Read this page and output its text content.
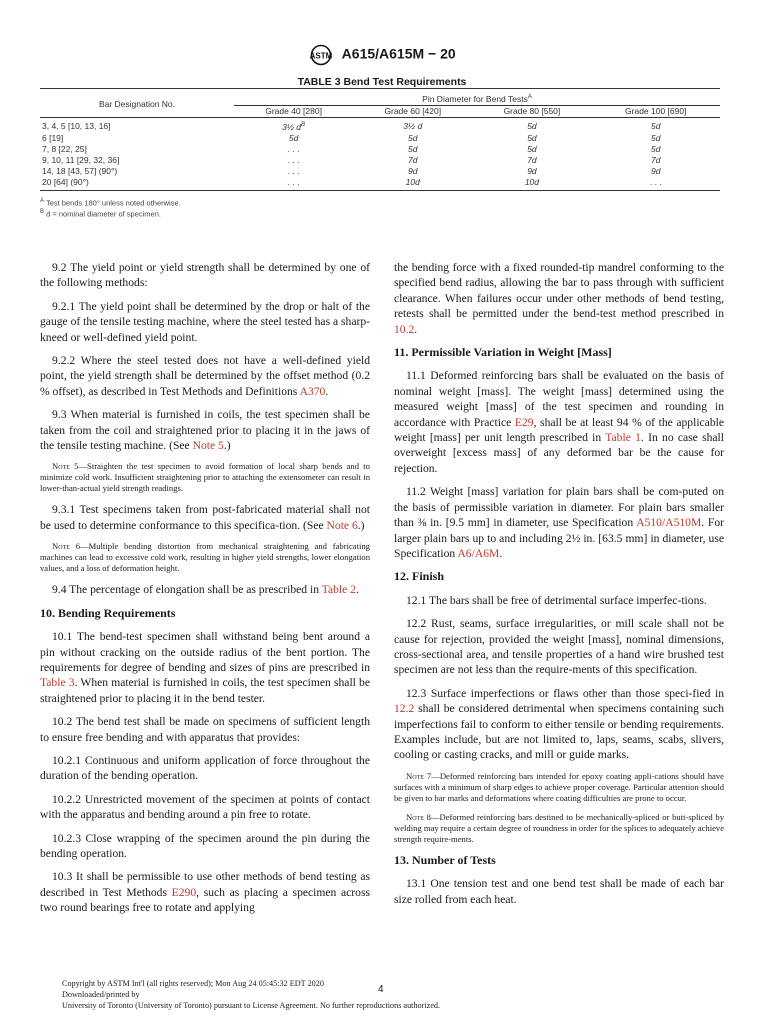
ASTM A615/A615M − 20
TABLE 3 Bend Test Requirements
Bar Designation No.	Pin Diameter for Bend Tests$^A$
	Grade 40 [280]	Grade 60 [420]	Grade 80 [550]	Grade 100 [690]
3, 4, 5 [10, 13, 16]	3½ $d^B$	3½ d	5d	5d
6 [19]	5d	5d	5d	5d
7, 8 [22, 25]	. . .	5d	5d	5d
9, 10, 11 [29, 32, 36]	. . .	7d	7d	7d
14, 18 [43, 57] (90°)	. . .	9d	9d	9d
20 [64] (90°)	. . .	10d	10d	. . .
$^A$ Test bends 180° unless noted otherwise.
$^B$ d = nominal diameter of specimen.

9.2 The yield point or yield strength shall be determined by one of the following methods:

9.2.1 The yield point shall be determined by the drop or halt of the gauge of the tensile testing machine, where the steel tested has a sharp-kneed or well-defined yield point.

9.2.2 Where the steel tested does not have a well-defined yield point, the yield strength shall be determined by the offset method (0.2 % offset), as described in Test Methods and Definitions A370.

9.3 When material is furnished in coils, the test specimen shall be taken from the coil and straightened prior to placing it in the jaws of the tensile testing machine. (See Note 5.)

Note 5—Straighten the test specimen to avoid formation of local sharp bends and to minimize cold work. Insufficient straightening prior to attaching the extensometer can result in lower-than-actual yield strength readings.

9.3.1 Test specimens taken from post-fabricated material shall not be used to determine conformance to this specifica-tion. (See Note 6.)

Note 6—Multiple bending distortion from mechanical straightening and fabricating machines can lead to excessive cold work, resulting in higher yield strengths, lower elongation values, and a loss of deformation height.

9.4 The percentage of elongation shall be as prescribed in Table 2.

10. Bending Requirements

10.1 The bend-test specimen shall withstand being bent around a pin without cracking on the outside radius of the bent portion. The requirements for degree of bending and sizes of pins are prescribed in Table 3. When material is furnished in coils, the test specimen shall be straightened prior to placing it in the bend tester.

10.2 The bend test shall be made on specimens of sufficient length to ensure free bending and with apparatus that provides:

10.2.1 Continuous and uniform application of force throughout the duration of the bending operation.

10.2.2 Unrestricted movement of the specimen at points of contact with the apparatus and bending around a pin free to rotate.

10.2.3 Close wrapping of the specimen around the pin during the bending operation.

10.3 It shall be permissible to use other methods of bend testing as described in Test Methods E290, such as placing a specimen across two round bearings free to rotate and applying

the bending force with a fixed rounded-tip mandrel conforming to the specified bend radius, allowing the bar to pass through with sufficient clearance. When failures occur under other methods of bend testing, retests shall be permitted under the bend-test method prescribed in 10.2.

11. Permissible Variation in Weight [Mass]

11.1 Deformed reinforcing bars shall be evaluated on the basis of nominal weight [mass]. The weight [mass] determined using the measured weight [mass] of the test specimen and rounding in accordance with Practice E29, shall be at least 94 % of the applicable weight [mass] per unit length prescribed in Table 1. In no case shall overweight [excess mass] of any deformed bar be the cause for rejection.

11.2 Weight [mass] variation for plain bars shall be com-puted on the basis of permissible variation in diameter. For plain bars smaller than ⅜ in. [9.5 mm] in diameter, use Specification A510/A510M. For larger plain bars up to and including 2½ in. [63.5 mm] in diameter, use Specification A6/A6M.

12. Finish

12.1 The bars shall be free of detrimental surface imperfec-tions.

12.2 Rust, seams, surface irregularities, or mill scale shall not be cause for rejection, provided the weight [mass], nominal dimensions, cross-sectional area, and tensile properties of a hand wire brushed test specimen are not less than the require-ments of this specification.

12.3 Surface imperfections or flaws other than those speci-fied in 12.2 shall be considered detrimental when specimens containing such imperfections fail to conform to either tensile or bending requirements. Examples include, but are not limited to, laps, seams, scabs, slivers, cooling or casting cracks, and mill or guide marks.

Note 7—Deformed reinforcing bars intended for epoxy coating appli-cations should have surfaces with a minimum of sharp edges to achieve proper coverage. Particular attention should be given to bar marks and deformations where coating difficulties are prone to occur.

Note 8—Deformed reinforcing bars destined to be mechanically-spliced or butt-spliced by welding may require a certain degree of roundness in order for the splices to adequately achieve strength require-ments.

13. Number of Tests

13.1 One tension test and one bend test shall be made of each bar size rolled from each heat.

Copyright by ASTM Int'l (all rights reserved); Mon Aug 24 05:45:32 EDT 2020
Downloaded/printed by
University of Toronto (University of Toronto) pursuant to License Agreement. No further reproductions authorized.
4
